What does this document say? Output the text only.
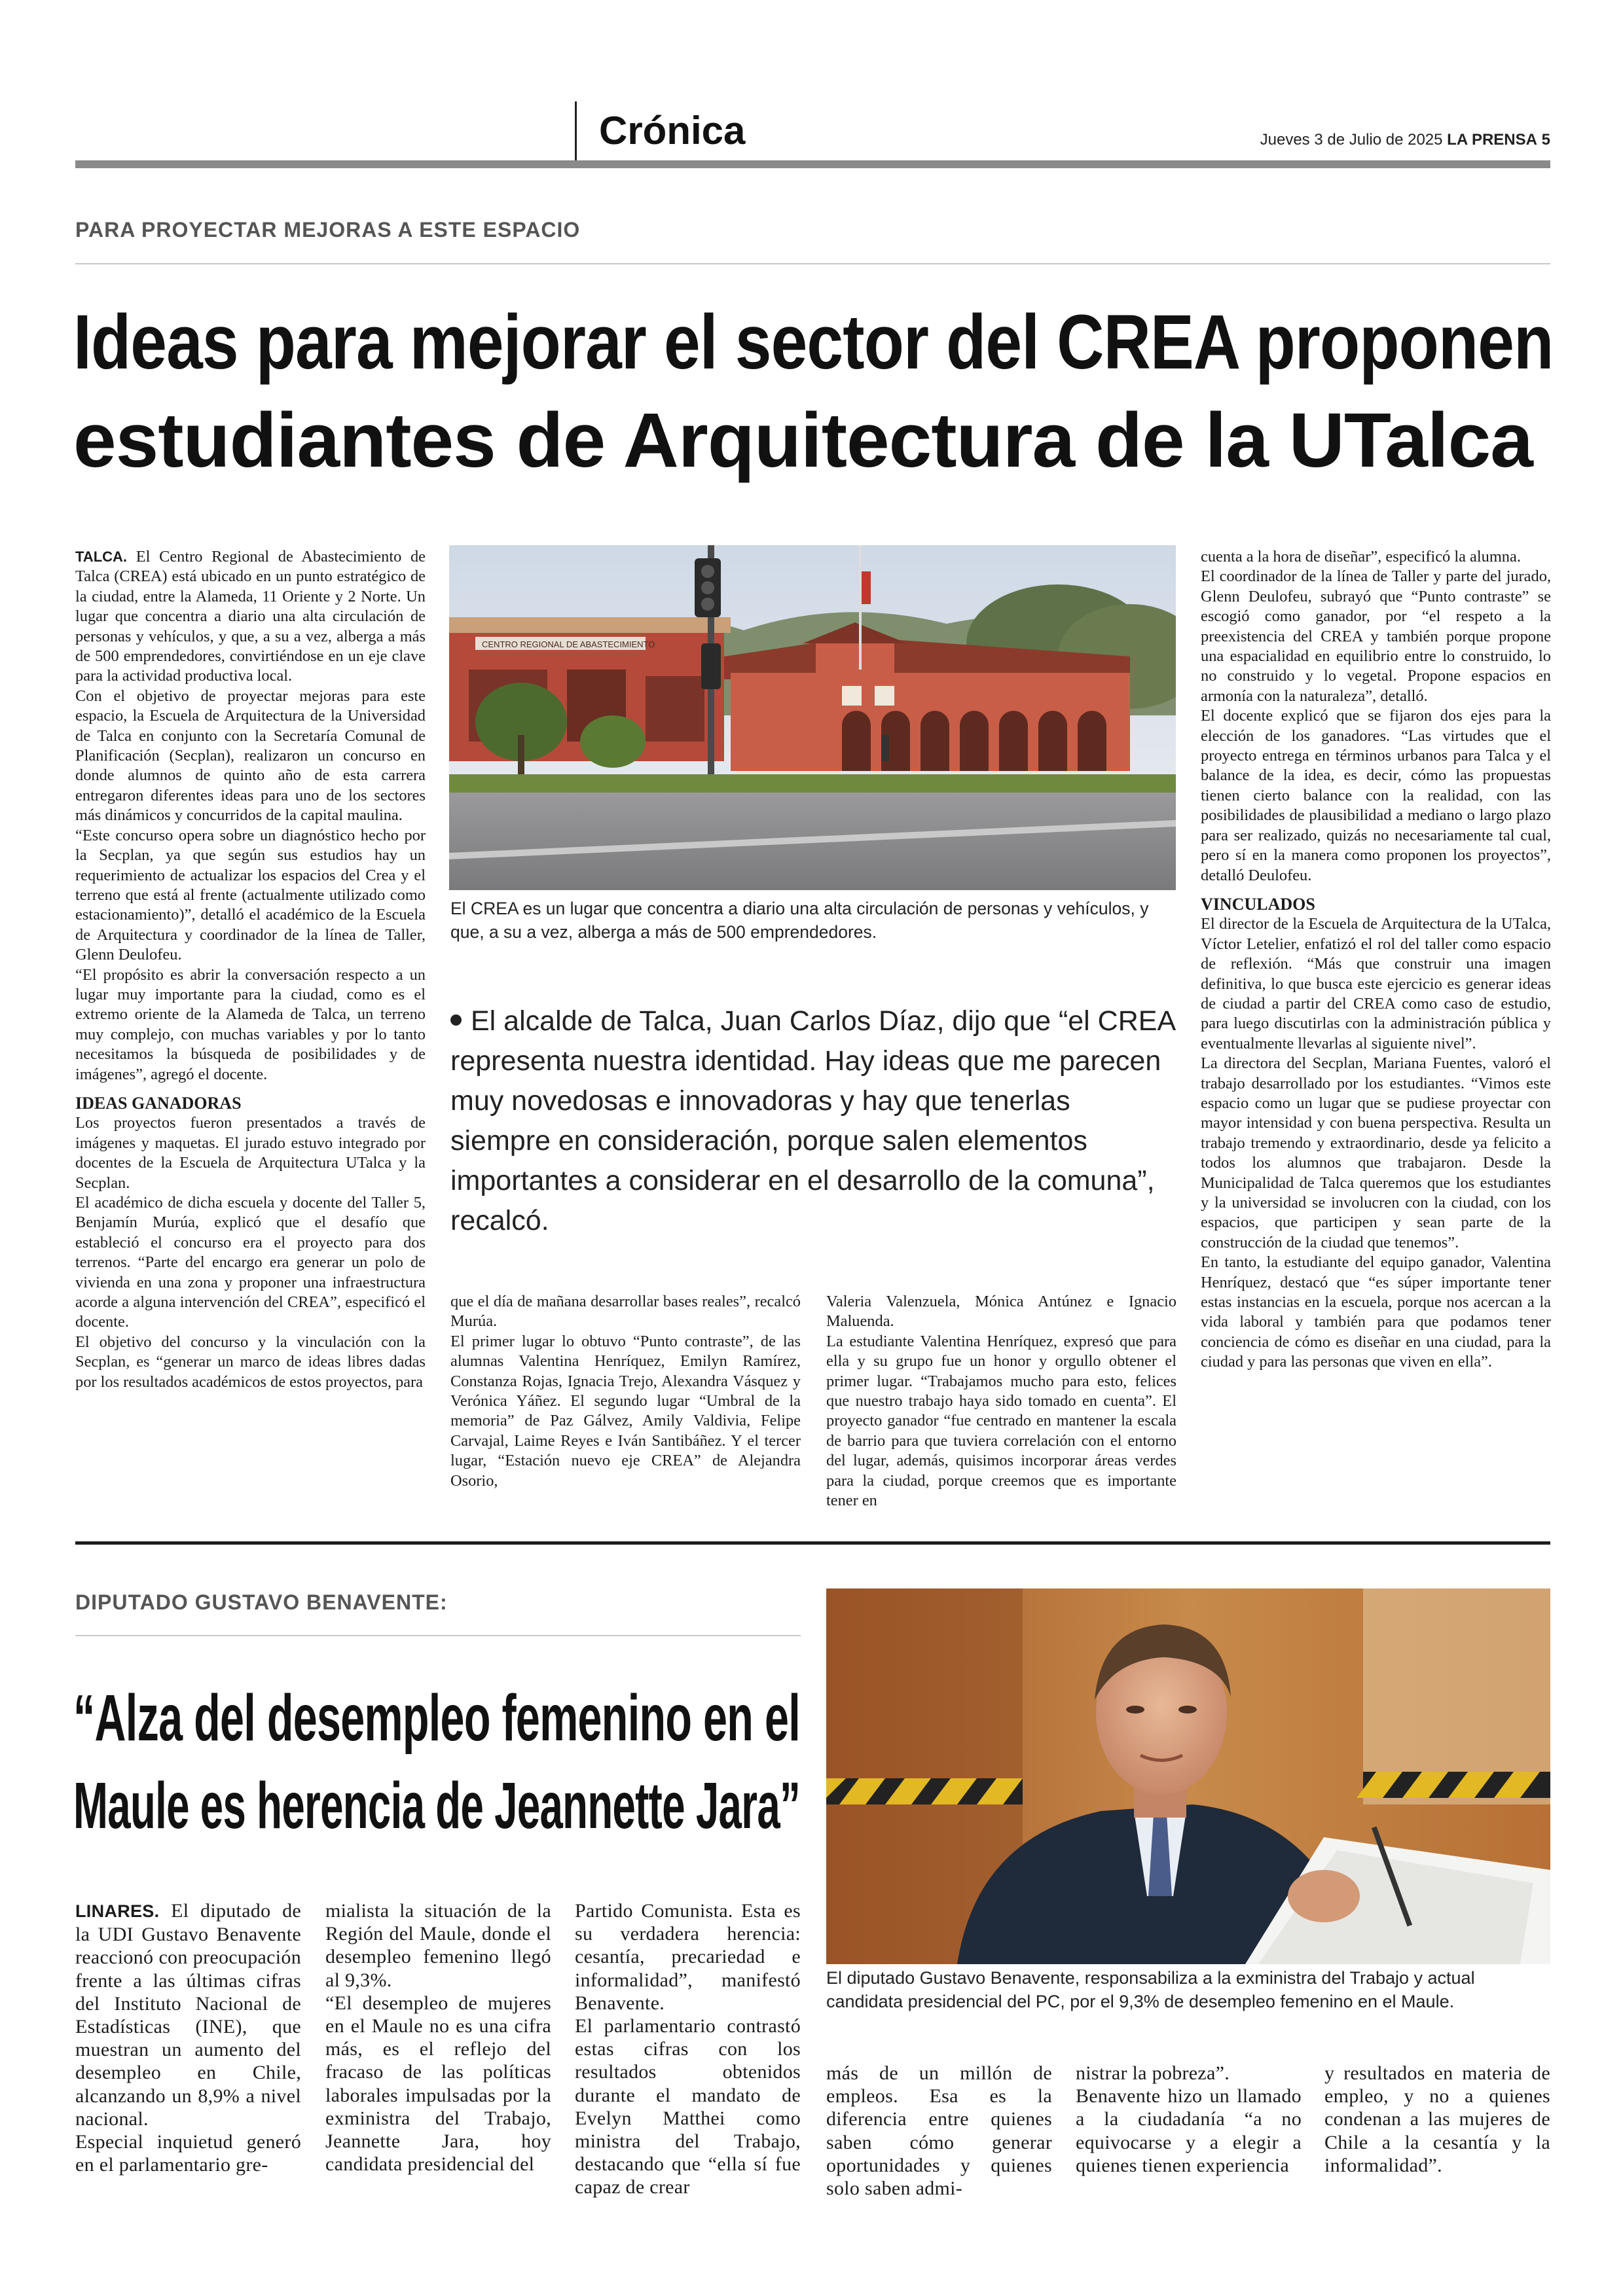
Crónica	Jueves 3 de Julio de 2025 LA PRENSA 5
PARA PROYECTAR MEJORAS A ESTE ESPACIO
Ideas para mejorar el sector del CREA proponen
estudiantes de Arquitectura de la UTalca

TALCA. El Centro Regional de Abastecimiento de Talca (CREA) está ubicado en un punto estratégico de la ciudad, entre la Alameda, 11 Oriente y 2 Norte. Un lugar que concentra a diario una alta circulación de personas y vehículos, y que, a su a vez, alberga a más de 500 emprendedores, convirtiéndose en un eje clave para la actividad productiva local.

Con el objetivo de proyectar mejoras para este espacio, la Escuela de Arquitectura de la Universidad de Talca en conjunto con la Secretaría Comunal de Planificación (Secplan), realizaron un concurso en donde alumnos de quinto año de esta carrera entregaron diferentes ideas para uno de los sectores más dinámicos y concurridos de la capital maulina.

“Este concurso opera sobre un diagnóstico hecho por la Secplan, ya que según sus estudios hay un requerimiento de actualizar los espacios del Crea y el terreno que está al frente (actualmente utilizado como estacionamiento)”, detalló el académico de la Escuela de Arquitectura y coordinador de la línea de Taller, Glenn Deulofeu.

“El propósito es abrir la conversación respecto a un lugar muy importante para la ciudad, como es el extremo oriente de la Alameda de Talca, un terreno muy complejo, con muchas variables y por lo tanto necesitamos la búsqueda de posibilidades y de imágenes”, agregó el docente.

IDEAS GANADORAS

Los proyectos fueron presentados a través de imágenes y maquetas. El jurado estuvo integrado por docentes de la Escuela de Arquitectura UTalca y la Secplan.

El académico de dicha escuela y docente del Taller 5, Benjamín Murúa, explicó que el desafío que estableció el concurso era el proyecto para dos terrenos. “Parte del encargo era generar un polo de vivienda en una zona y proponer una infraestructura acorde a alguna intervención del CREA”, especificó el docente.

El objetivo del concurso y la vinculación con la Secplan, es “generar un marco de ideas libres dadas por los resultados académicos de estos proyectos, para

CENTRO REGIONAL DE ABASTECIMIENTO
El CREA es un lugar que concentra a diario una alta circulación de personas y vehículos, y que, a su a vez, alberga a más de 500 emprendedores.
El alcalde de Talca, Juan Carlos Díaz, dijo que “el CREA representa nuestra identidad. Hay ideas que me parecen muy novedosas e innovadoras y hay que tenerlas siempre en consideración, porque salen elementos importantes a considerar en el desarrollo de la comuna”, recalcó.

que el día de mañana desarrollar bases reales”, recalcó Murúa.

El primer lugar lo obtuvo “Punto contraste”, de las alumnas Valentina Henríquez, Emilyn Ramírez, Constanza Rojas, Ignacia Trejo, Alexandra Vásquez y Verónica Yáñez. El segundo lugar “Umbral de la memoria” de Paz Gálvez, Amily Valdivia, Felipe Carvajal, Laime Reyes e Iván Santibáñez. Y el tercer lugar, “Estación nuevo eje CREA” de Alejandra Osorio,

Valeria Valenzuela, Mónica Antúnez e Ignacio Maluenda.

La estudiante Valentina Henríquez, expresó que para ella y su grupo fue un honor y orgullo obtener el primer lugar. “Trabajamos mucho para esto, felices que nuestro trabajo haya sido tomado en cuenta”. El proyecto ganador “fue centrado en mantener la escala de barrio para que tuviera correlación con el entorno del lugar, además, quisimos incorporar áreas verdes para la ciudad, porque creemos que es importante tener en

cuenta a la hora de diseñar”, especificó la alumna.

El coordinador de la línea de Taller y parte del jurado, Glenn Deulofeu, subrayó que “Punto contraste” se escogió como ganador, por “el respeto a la preexistencia del CREA y también porque propone una espacialidad en equilibrio entre lo construido, lo no construido y lo vegetal. Propone espacios en armonía con la naturaleza”, detalló.

El docente explicó que se fijaron dos ejes para la elección de los ganadores. “Las virtudes que el proyecto entrega en términos urbanos para Talca y el balance de la idea, es decir, cómo las propuestas tienen cierto balance con la realidad, con las posibilidades de plausibilidad a mediano o largo plazo para ser realizado, quizás no necesariamente tal cual, pero sí en la manera como proponen los proyectos”, detalló Deulofeu.

VINCULADOS

El director de la Escuela de Arquitectura de la UTalca, Víctor Letelier, enfatizó el rol del taller como espacio de reflexión. “Más que construir una imagen definitiva, lo que busca este ejercicio es generar ideas de ciudad a partir del CREA como caso de estudio, para luego discutirlas con la administración pública y eventualmente llevarlas al siguiente nivel”.

La directora del Secplan, Mariana Fuentes, valoró el trabajo desarrollado por los estudiantes. “Vimos este espacio como un lugar que se pudiese proyectar con mayor intensidad y con buena perspectiva. Resulta un trabajo tremendo y extraordinario, desde ya felicito a todos los alumnos que trabajaron. Desde la Municipalidad de Talca queremos que los estudiantes y la universidad se involucren con la ciudad, con los espacios, que participen y sean parte de la construcción de la ciudad que tenemos”.

En tanto, la estudiante del equipo ganador, Valentina Henríquez, destacó que “es súper importante tener estas instancias en la escuela, porque nos acercan a la vida laboral y también para que podamos tener conciencia de cómo es diseñar en una ciudad, para la ciudad y para las personas que viven en ella”.

DIPUTADO GUSTAVO BENAVENTE:
“Alza del desempleo femenino en el
Maule es herencia de Jeannette Jara”
El diputado Gustavo Benavente, responsabiliza a la exministra del Trabajo y actual candidata presidencial del PC, por el 9,3% de desempleo femenino en el Maule.

LINARES. El diputado de la UDI Gustavo Benavente reaccionó con preocupación frente a las últimas cifras del Instituto Nacional de Estadísticas (INE), que muestran un aumento del desempleo en Chile, alcanzando un 8,9% a nivel nacional.

Especial inquietud generó en el parlamentario gre-

mialista la situación de la Región del Maule, donde el desempleo femenino llegó al 9,3%.

“El desempleo de mujeres en el Maule no es una cifra más, es el reflejo del fracaso de las políticas laborales impulsadas por la exministra del Trabajo, Jeannette Jara, hoy candidata presidencial del

Partido Comunista. Esta es su verdadera herencia: cesantía, precariedad e informalidad”, manifestó Benavente.

El parlamentario contrastó estas cifras con los resultados obtenidos durante el mandato de Evelyn Matthei como ministra del Trabajo, destacando que “ella sí fue capaz de crear

más de un millón de empleos. Esa es la diferencia entre quienes saben cómo generar oportunidades y quienes solo saben admi-

nistrar la pobreza”.

Benavente hizo un llamado a la ciudadanía “a no equivocarse y a elegir a quienes tienen experiencia

y resultados en materia de empleo, y no a quienes condenan a las mujeres de Chile a la cesantía y la informalidad”.
